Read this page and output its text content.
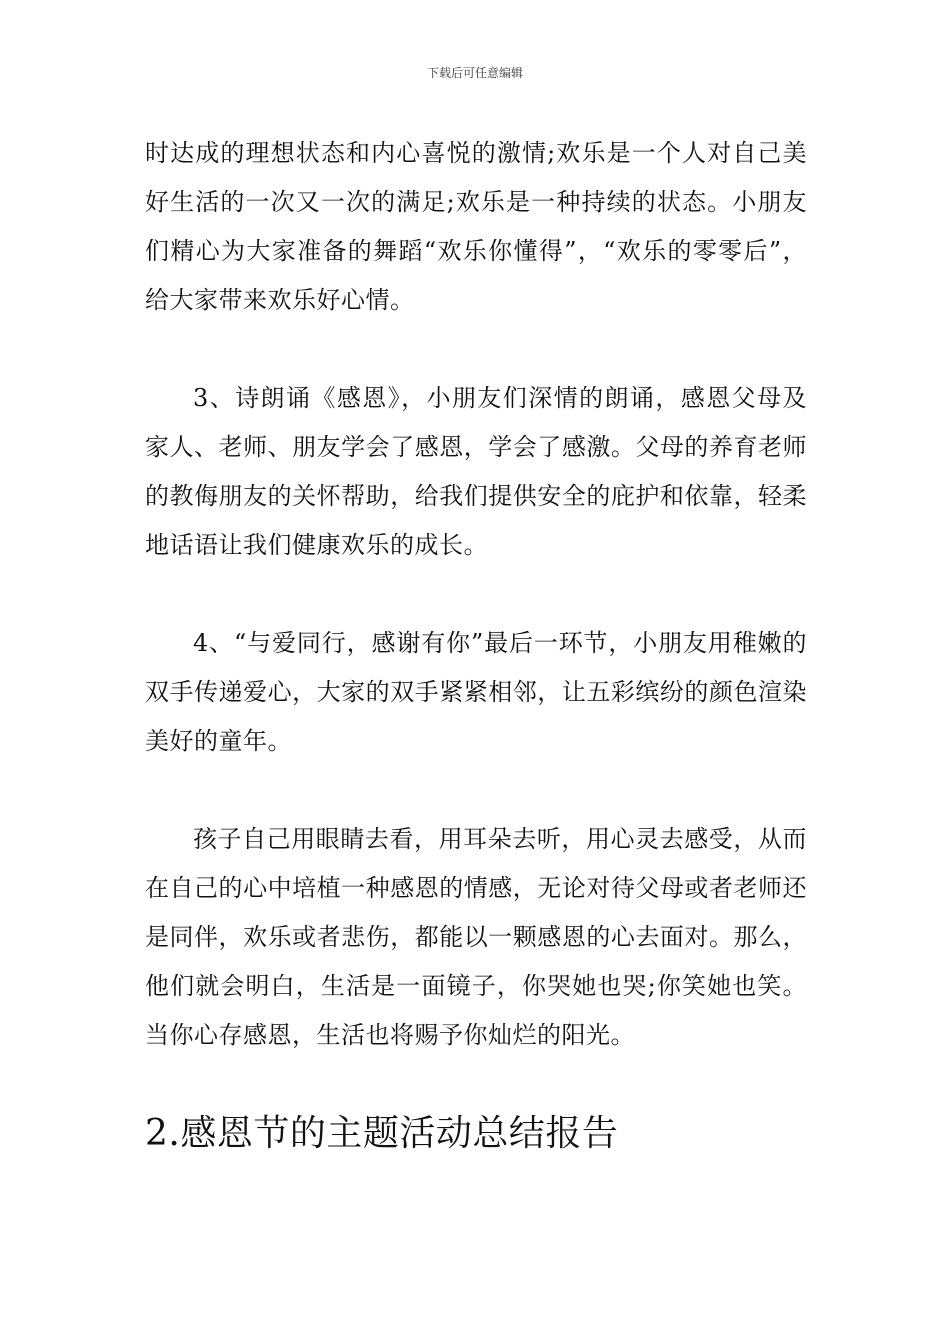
下载后可任意编辑

时达成的理想状态和内心喜悦的激情;欢乐是一个人对自己美好生活的一次又一次的满足;欢乐是一种持续的状态。小朋友们精心为大家准备的舞蹈“欢乐你懂得”，“欢乐的零零后”，给大家带来欢乐好心情。

3、诗朗诵《感恩》，小朋友们深情的朗诵，感恩父母及家人、老师、朋友学会了感恩，学会了感激。父母的养育老师的教侮朋友的关怀帮助，给我们提供安全的庇护和依靠，轻柔地话语让我们健康欢乐的成长。

4、“与爱同行，感谢有你”最后一环节，小朋友用稚嫩的双手传递爱心，大家的双手紧紧相邻，让五彩缤纷的颜色渲染美好的童年。

孩子自己用眼睛去看，用耳朵去听，用心灵去感受，从而在自己的心中培植一种感恩的情感，无论对待父母或者老师还是同伴，欢乐或者悲伤，都能以一颗感恩的心去面对。那么，他们就会明白，生活是一面镜子，你哭她也哭;你笑她也笑。当你心存感恩，生活也将赐予你灿烂的阳光。

2.感恩节的主题活动总结报告
